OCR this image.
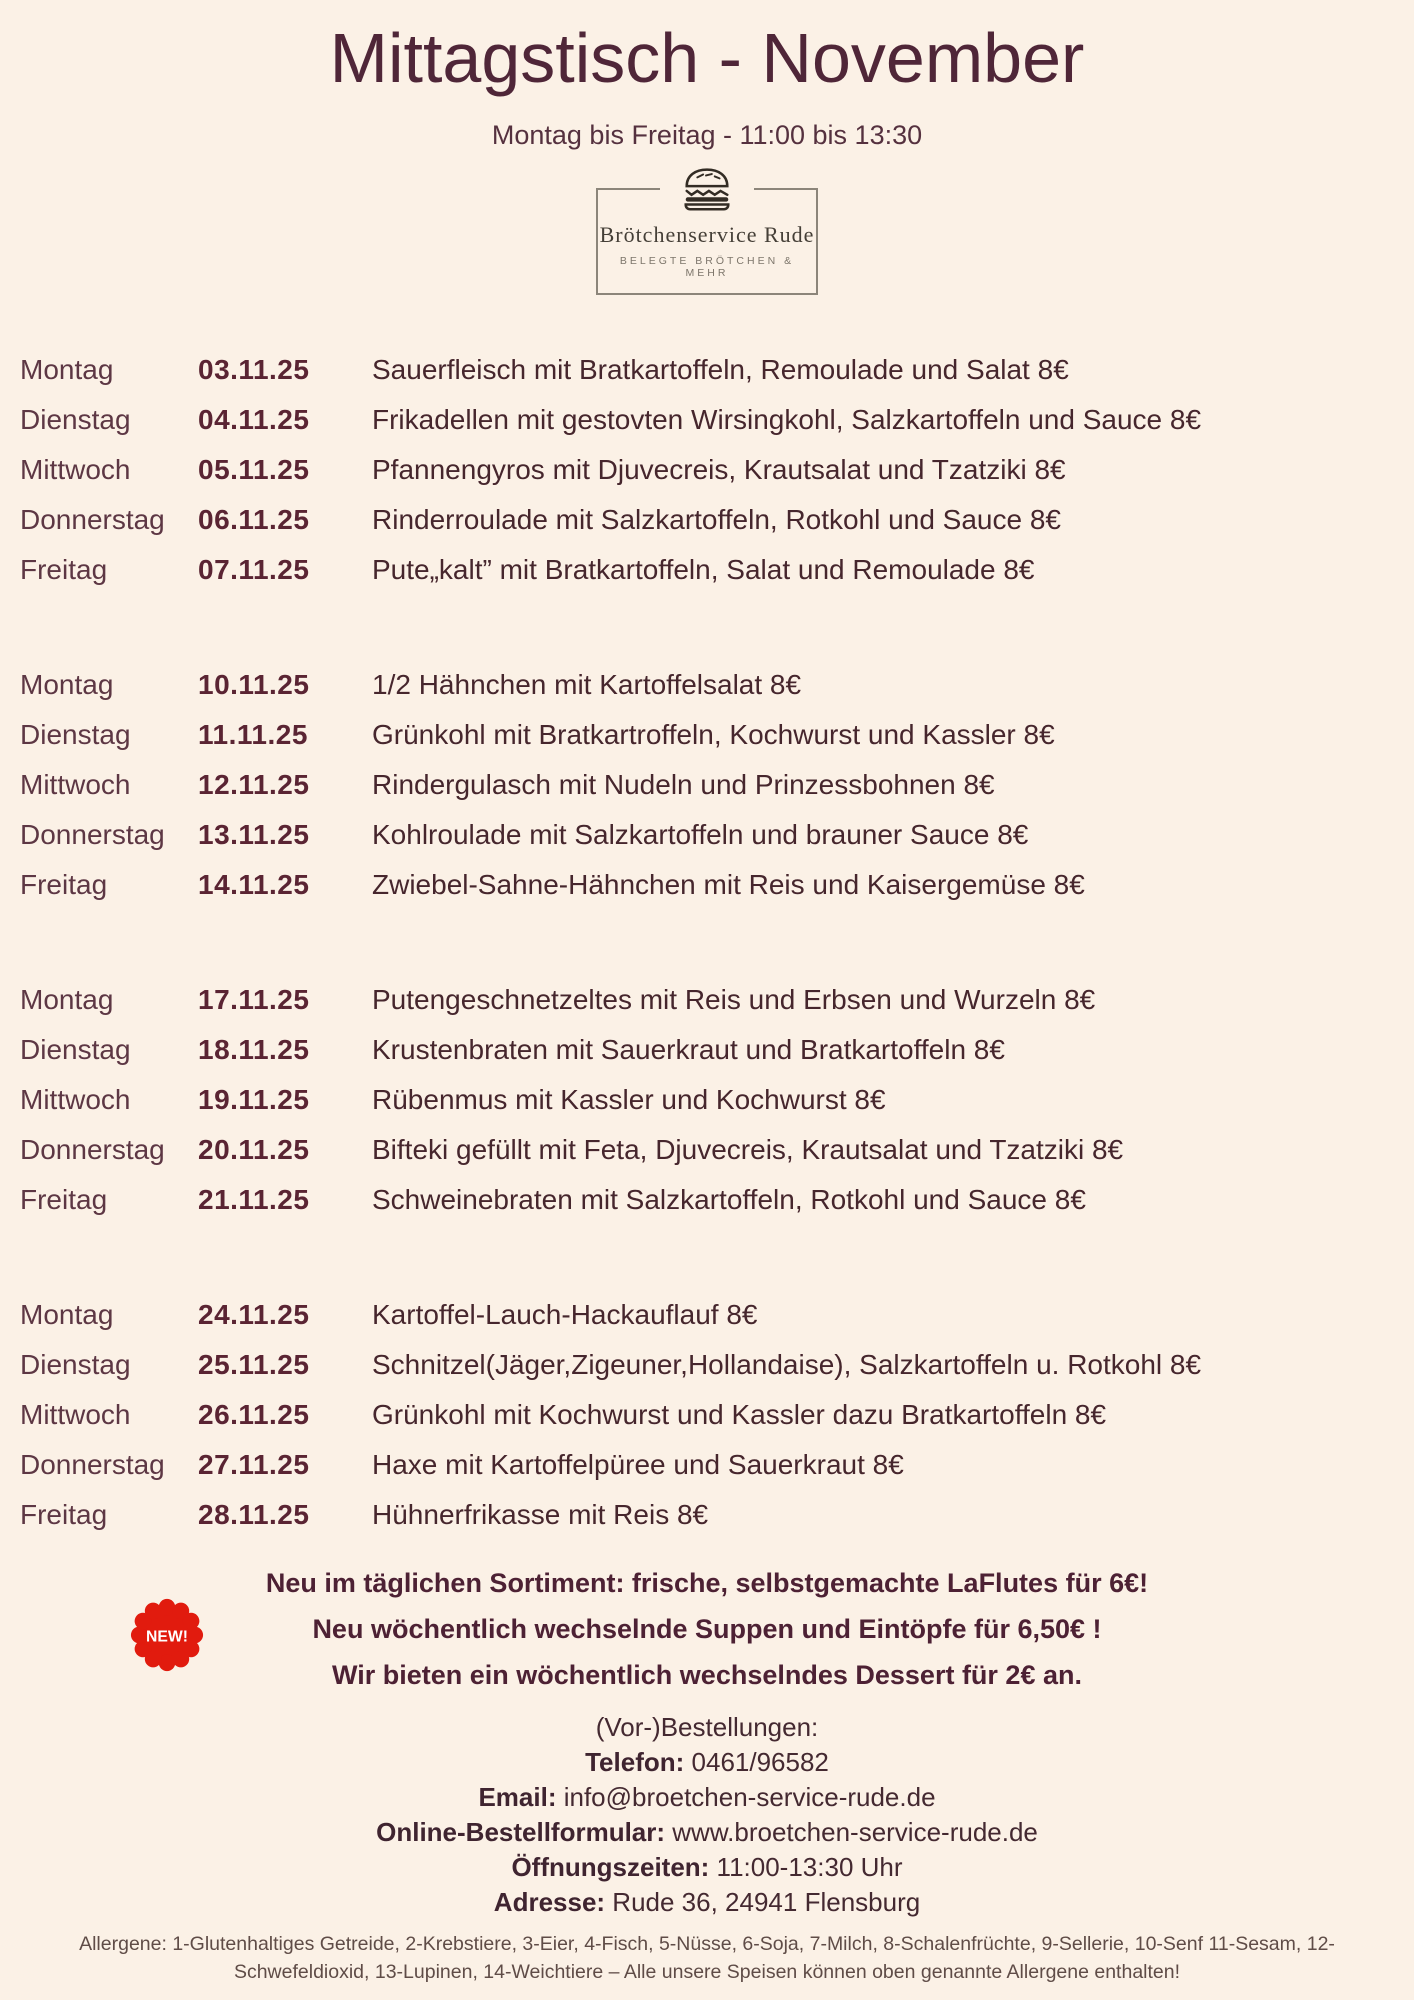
Mittagstisch - November
Montag bis Freitag - 11:00 bis 13:30
Brötchenservice Rude
BELEGTE BRÖTCHEN & MEHR
Montag	03.11.25	Sauerfleisch mit Bratkartoffeln, Remoulade und Salat 8€
Dienstag	04.11.25	Frikadellen mit gestovten Wirsingkohl, Salzkartoffeln und Sauce 8€
Mittwoch	05.11.25	Pfannengyros mit Djuvecreis, Krautsalat und Tzatziki 8€
Donnerstag	06.11.25	Rinderroulade mit Salzkartoffeln, Rotkohl und Sauce 8€
Freitag	07.11.25	Pute„kalt” mit Bratkartoffeln, Salat und Remoulade 8€
Montag	10.11.25	1/2 Hähnchen mit Kartoffelsalat 8€
Dienstag	11.11.25	Grünkohl mit Bratkartroffeln, Kochwurst und Kassler 8€
Mittwoch	12.11.25	Rindergulasch mit Nudeln und Prinzessbohnen 8€
Donnerstag	13.11.25	Kohlroulade mit Salzkartoffeln und brauner Sauce 8€
Freitag	14.11.25	Zwiebel-Sahne-Hähnchen mit Reis und Kaisergemüse 8€
Montag	17.11.25	Putengeschnetzeltes mit Reis und Erbsen und Wurzeln 8€
Dienstag	18.11.25	Krustenbraten mit Sauerkraut und Bratkartoffeln 8€
Mittwoch	19.11.25	Rübenmus mit Kassler und Kochwurst 8€
Donnerstag	20.11.25	Bifteki gefüllt mit Feta, Djuvecreis, Krautsalat und Tzatziki 8€
Freitag	21.11.25	Schweinebraten mit Salzkartoffeln, Rotkohl und Sauce 8€
Montag	24.11.25	Kartoffel-Lauch-Hackauflauf 8€
Dienstag	25.11.25	Schnitzel(Jäger,Zigeuner,Hollandaise), Salzkartoffeln u. Rotkohl 8€
Mittwoch	26.11.25	Grünkohl mit Kochwurst und Kassler dazu Bratkartoffeln 8€
Donnerstag	27.11.25	Haxe mit Kartoffelpüree und Sauerkraut 8€
Freitag	28.11.25	Hühnerfrikasse mit Reis 8€
NEW!
Neu im täglichen Sortiment: frische, selbstgemachte LaFlutes für 6€!
Neu wöchentlich wechselnde Suppen und Eintöpfe für 6,50€ !
Wir bieten ein wöchentlich wechselndes Dessert für 2€ an.
(Vor-)Bestellungen:
Telefon: 0461/96582
Email: info@broetchen-service-rude.de
Online-Bestellformular: www.broetchen-service-rude.de
Öffnungszeiten: 11:00-13:30 Uhr
Adresse: Rude 36, 24941 Flensburg
Allergene: 1-Glutenhaltiges Getreide, 2-Krebstiere, 3-Eier, 4-Fisch, 5-Nüsse, 6-Soja, 7-Milch, 8-Schalenfrüchte, 9-Sellerie, 10-Senf 11-Sesam, 12-Schwefeldioxid, 13-Lupinen, 14-Weichtiere – Alle unsere Speisen können oben genannte Allergene enthalten!
